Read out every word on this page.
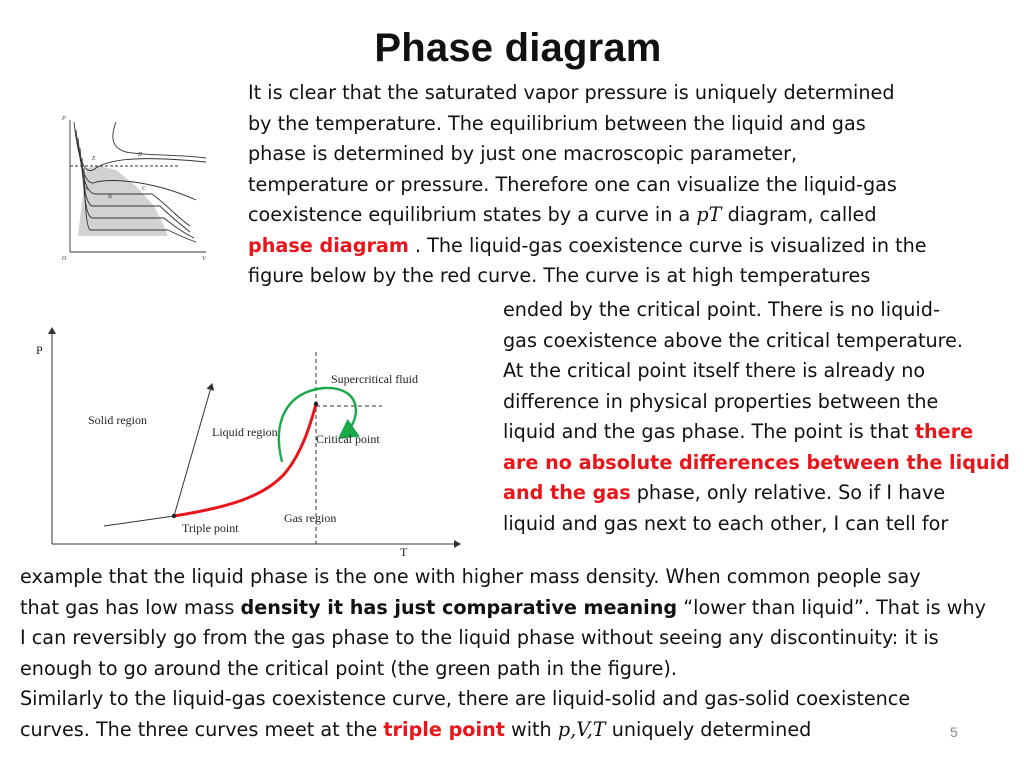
Phase diagram
P
V
O
E
D
A
B
C
It is clear that the saturated vapor pressure is uniquely determined
by the temperature. The equilibrium between the liquid and gas
phase is determined by just one macroscopic parameter,
temperature or pressure. Therefore one can visualize the liquid-gas
coexistence equilibrium states by a curve in a pT diagram, called
phase diagram . The liquid-gas coexistence curve is visualized in the
figure below by the red curve. The curve is at high temperatures
P
T
Solid region
Liquid region
Supercritical fluid
Critical point
Gas region
Triple point
ended by the critical point. There is no liquid-
gas coexistence above the critical temperature.
At the critical point itself there is already no
difference in physical properties between the
liquid and the gas phase. The point is that there
are no absolute differences between the liquid
and the gas phase, only relative. So if I have
liquid and gas next to each other, I can tell for
example that the liquid phase is the one with higher mass density. When common people say
that gas has low mass density it has just comparative meaning “lower than liquid”. That is why
I can reversibly go from the gas phase to the liquid phase without seeing any discontinuity: it is
enough to go around the critical point (the green path in the figure).
Similarly to the liquid-gas coexistence curve, there are liquid-solid and gas-solid coexistence
curves. The three curves meet at the triple point with p,V,T uniquely determined	5
